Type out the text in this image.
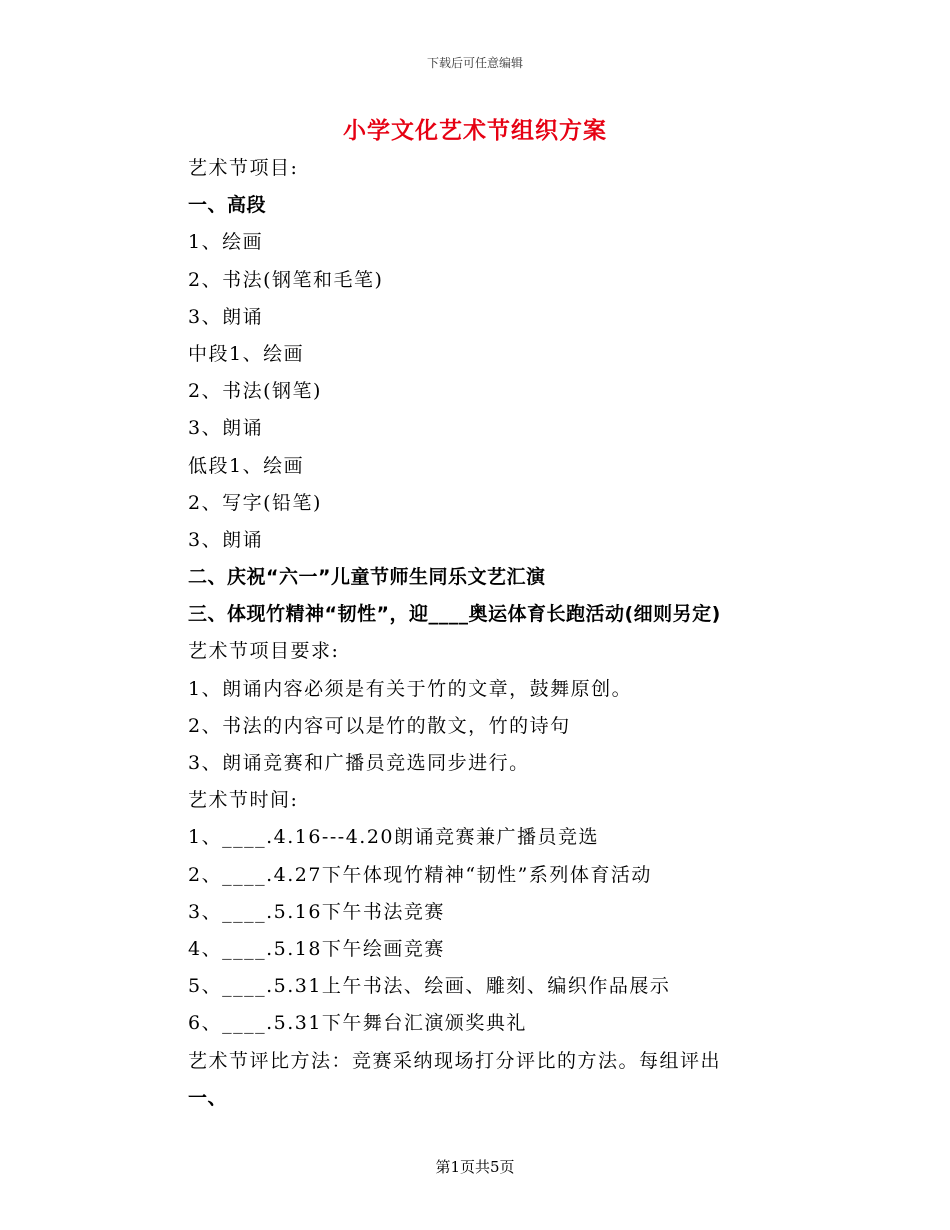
下载后可任意编辑
小学文化艺术节组织方案
艺术节项目:
一、高段
1、绘画
2、书法(钢笔和毛笔)
3、朗诵
中段1、绘画
2、书法(钢笔)
3、朗诵
低段1、绘画
2、写字(铅笔)
3、朗诵
二、庆祝“六一”儿童节师生同乐文艺汇演
三、体现竹精神“韧性”，迎____奥运体育长跑活动(细则另定)
艺术节项目要求:
1、朗诵内容必须是有关于竹的文章，鼓舞原创。
2、书法的内容可以是竹的散文，竹的诗句
3、朗诵竞赛和广播员竞选同步进行。
艺术节时间:
1、____.4.16---4.20朗诵竞赛兼广播员竞选
2、____.4.27下午体现竹精神“韧性”系列体育活动
3、____.5.16下午书法竞赛
4、____.5.18下午绘画竞赛
5、____.5.31上午书法、绘画、雕刻、编织作品展示
6、____.5.31下午舞台汇演颁奖典礼
艺术节评比方法：竞赛采纳现场打分评比的方法。每组评出
一、
第1页共5页
